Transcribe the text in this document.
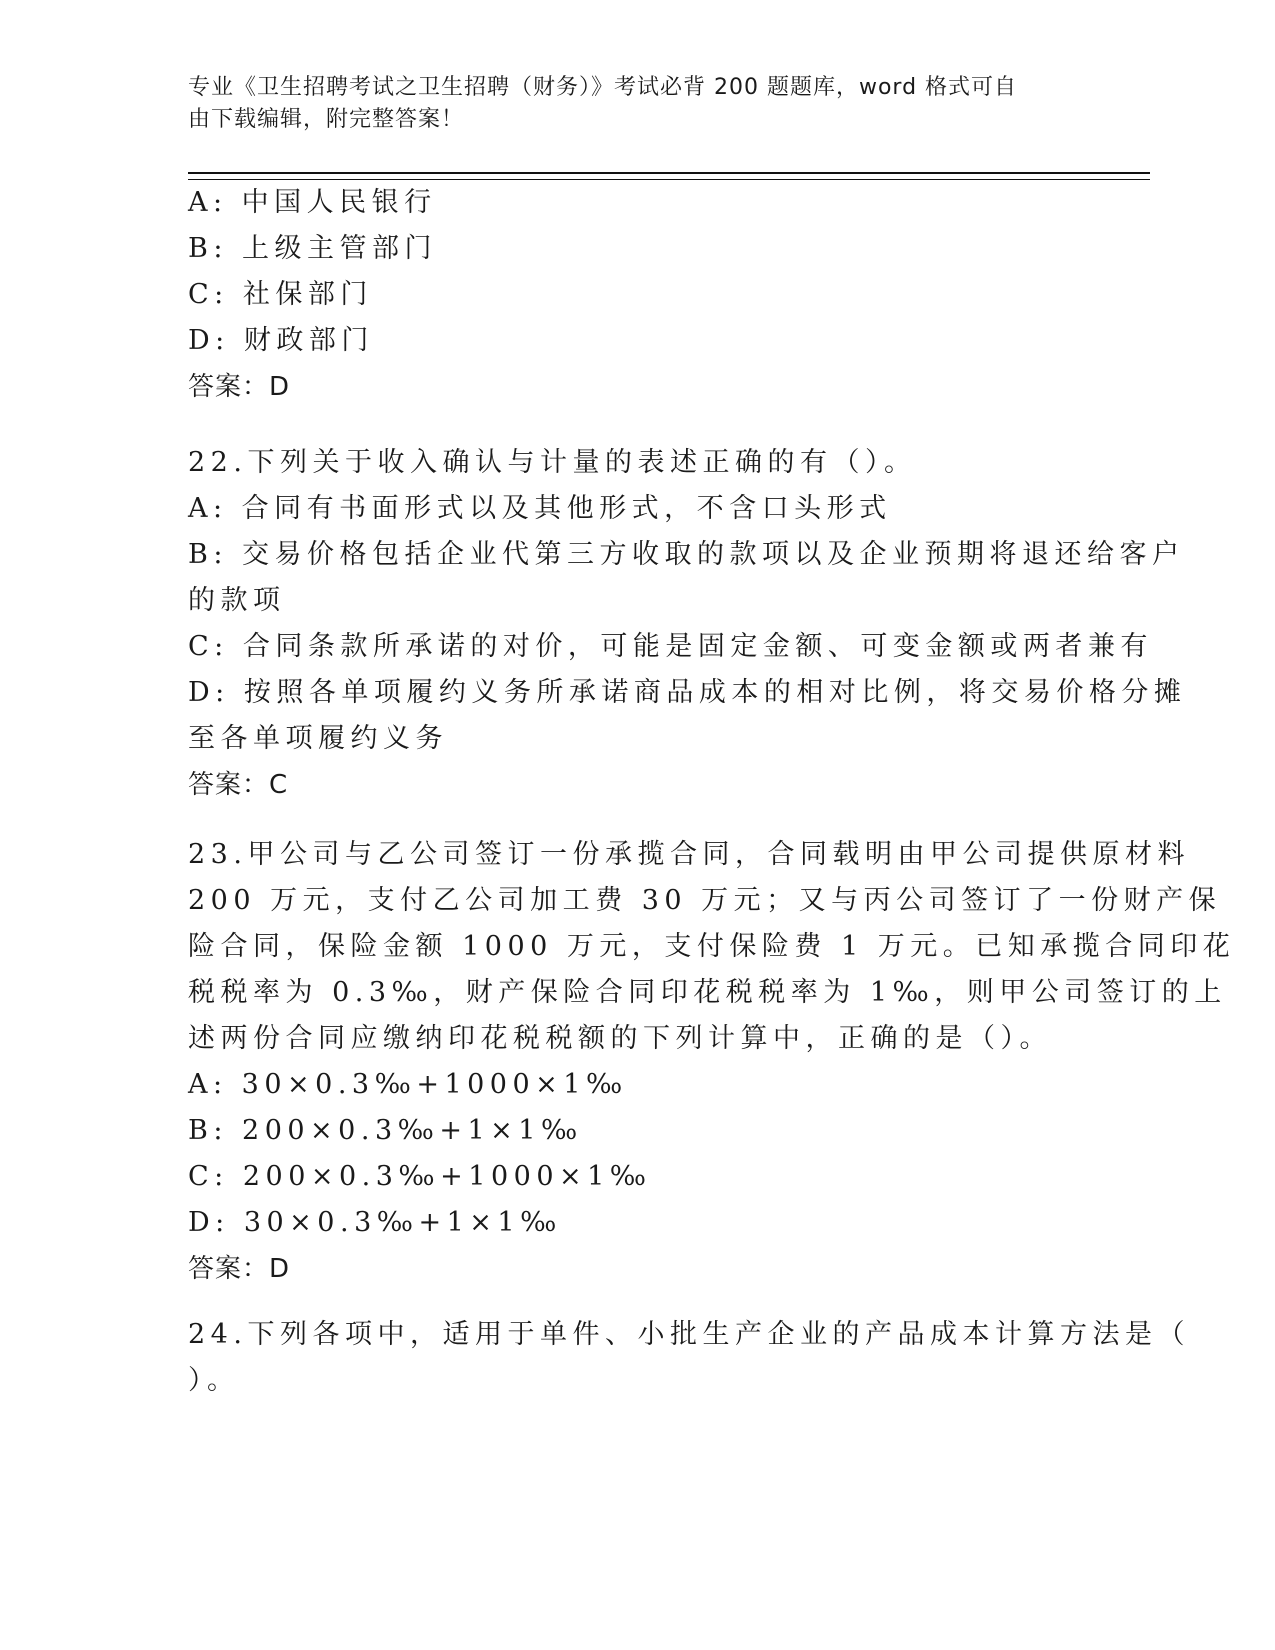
专业《卫生招聘考试之卫生招聘（财务）》考试必背 200 题题库，word 格式可自
由下载编辑，附完整答案！
A: 中国人民银行
B: 上级主管部门
C: 社保部门
D: 财政部门
答案：D
22.下列关于收入确认与计量的表述正确的有（）。
A: 合同有书面形式以及其他形式，不含口头形式
B: 交易价格包括企业代第三方收取的款项以及企业预期将退还给客户
的款项
C: 合同条款所承诺的对价，可能是固定金额、可变金额或两者兼有
D: 按照各单项履约义务所承诺商品成本的相对比例，将交易价格分摊
至各单项履约义务
答案：C
23.甲公司与乙公司签订一份承揽合同，合同载明由甲公司提供原材料
200 万元，支付乙公司加工费 30 万元；又与丙公司签订了一份财产保
险合同，保险金额 1000 万元，支付保险费 1 万元。已知承揽合同印花
税税率为 0.3‰，财产保险合同印花税税率为 1‰，则甲公司签订的上
述两份合同应缴纳印花税税额的下列计算中，正确的是（）。
A: 30×0.3‰+1000×1‰
B: 200×0.3‰+1×1‰
C: 200×0.3‰+1000×1‰
D: 30×0.3‰+1×1‰
答案：D
24.下列各项中，适用于单件、小批生产企业的产品成本计算方法是（
）。
